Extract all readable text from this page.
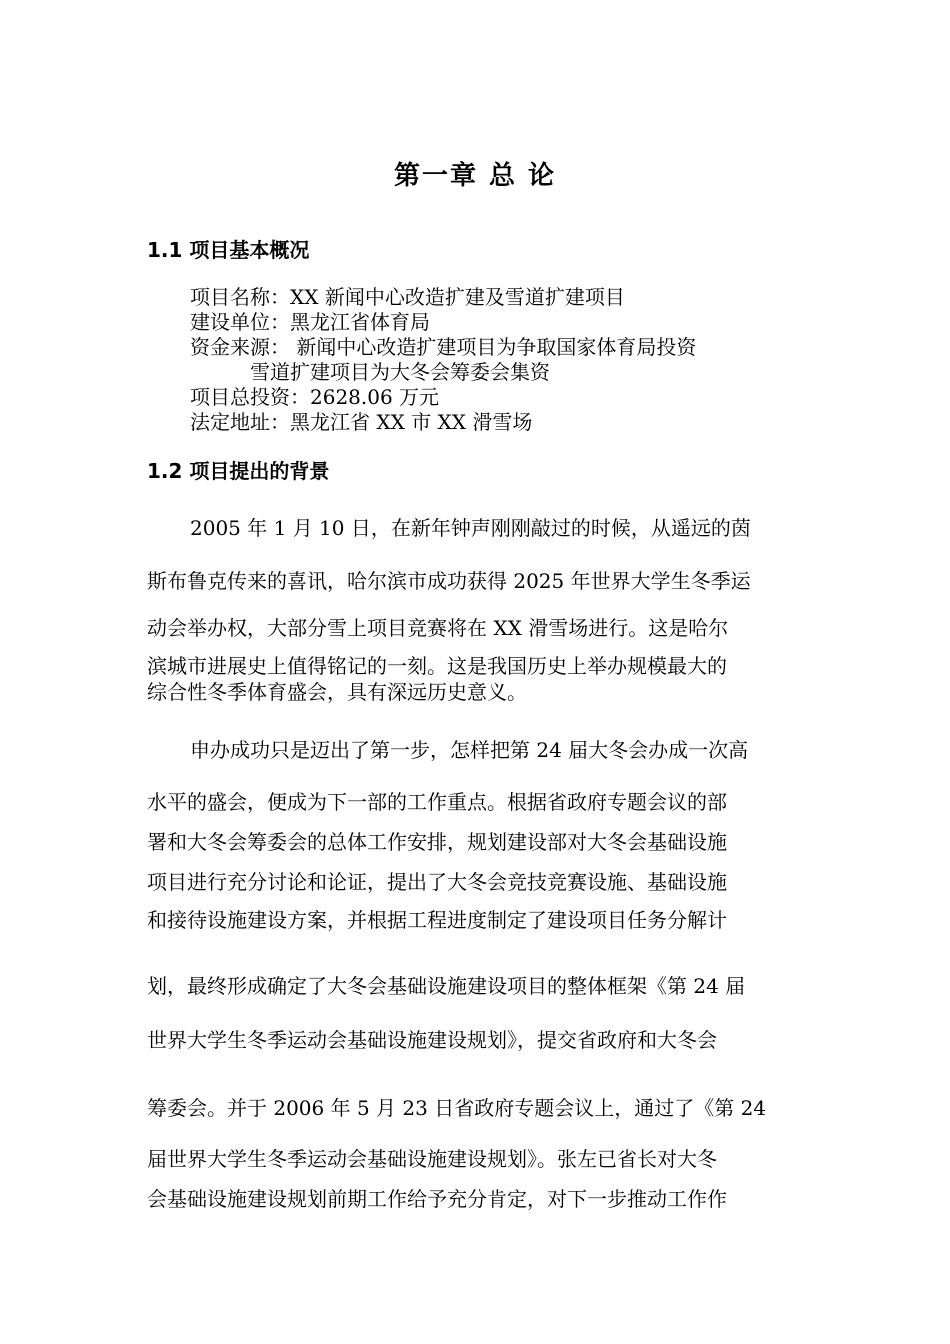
第一章 总 论
1.1 项目基本概况
项目名称：XX 新闻中心改造扩建及雪道扩建项目
建设单位：黑龙江省体育局
资金来源： 新闻中心改造扩建项目为争取国家体育局投资
雪道扩建项目为大冬会筹委会集资
项目总投资：2628.06 万元
法定地址：黑龙江省 XX 市 XX 滑雪场
1.2 项目提出的背景
2005 年 1 月 10 日，在新年钟声刚刚敲过的时候，从遥远的茵
斯布鲁克传来的喜讯，哈尔滨市成功获得 2025 年世界大学生冬季运
动会举办权，大部分雪上项目竞赛将在 XX 滑雪场进行。这是哈尔
滨城市进展史上值得铭记的一刻。这是我国历史上举办规模最大的
综合性冬季体育盛会，具有深远历史意义。
申办成功只是迈出了第一步，怎样把第 24 届大冬会办成一次高
水平的盛会，便成为下一部的工作重点。根据省政府专题会议的部
署和大冬会筹委会的总体工作安排，规划建设部对大冬会基础设施
项目进行充分讨论和论证，提出了大冬会竞技竞赛设施、基础设施
和接待设施建设方案，并根据工程进度制定了建设项目任务分解计
划，最终形成确定了大冬会基础设施建设项目的整体框架《第 24 届
世界大学生冬季运动会基础设施建设规划》，提交省政府和大冬会
筹委会。并于 2006 年 5 月 23 日省政府专题会议上，通过了《第 24
届世界大学生冬季运动会基础设施建设规划》。张左已省长对大冬
会基础设施建设规划前期工作给予充分肯定，对下一步推动工作作
